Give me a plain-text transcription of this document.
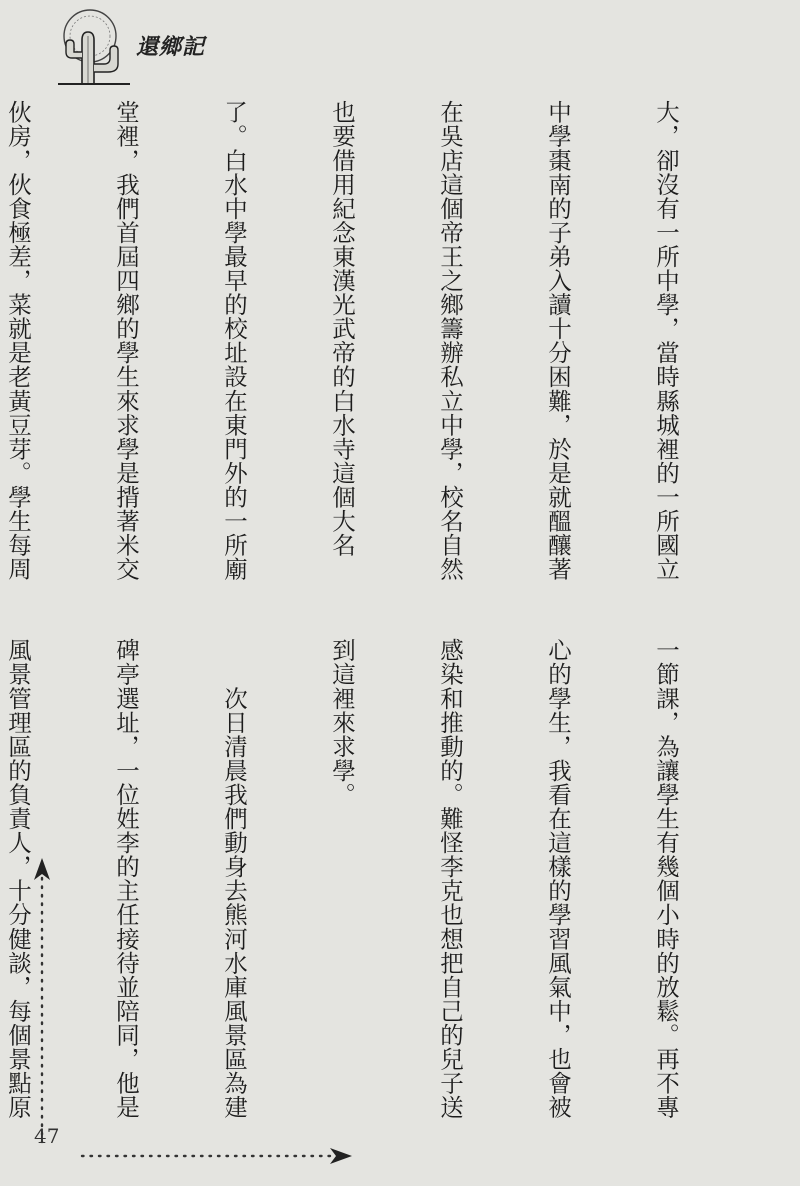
還鄉記

大，卻沒有一所中學，當時縣城裡的一所國立

中學棗南的子弟入讀十分困難，於是就醞釀著

在吳店這個帝王之鄉籌辦私立中學，校名自然

也要借用紀念東漢光武帝的白水寺這個大名

了。白水中學最早的校址設在東門外的一所廟

堂裡，我們首屆四鄉的學生來求學是揹著米交

伙房，伙食極差，菜就是老黃豆芽。學生每周

一節課，為讓學生有幾個小時的放鬆。再不專

心的學生，我看在這樣的學習風氣中，也會被

感染和推動的。難怪李克也想把自己的兒子送

到這裡來求學。

　　次日清晨我們動身去熊河水庫風景區為建

碑亭選址，一位姓李的主任接待並陪同，他是

風景管理區的負責人，十分健談，每個景點原

47
